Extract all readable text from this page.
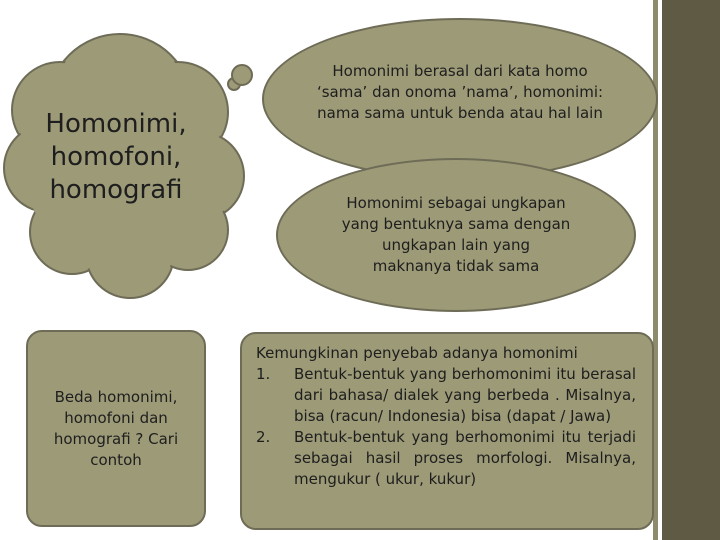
Homonimi, homofoni, homografi
Homonimi berasal dari kata homo ‘sama’ dan onoma ’nama’, homonimi: nama sama untuk benda atau hal lain
Homonimi sebagai ungkapan yang bentuknya sama dengan ungkapan lain yang maknanya tidak sama
Beda homonimi, homofoni dan homografi ? Cari contoh
Kemungkinan penyebab adanya homonimi
1.	Bentuk-bentuk yang berhomonimi itu berasal dari bahasa/ dialek yang berbeda . Misalnya, bisa (racun/ Indonesia) bisa (dapat / Jawa)
2.	Bentuk-bentuk yang berhomonimi itu terjadi sebagai hasil proses morfologi. Misalnya, mengukur ( ukur, kukur)
